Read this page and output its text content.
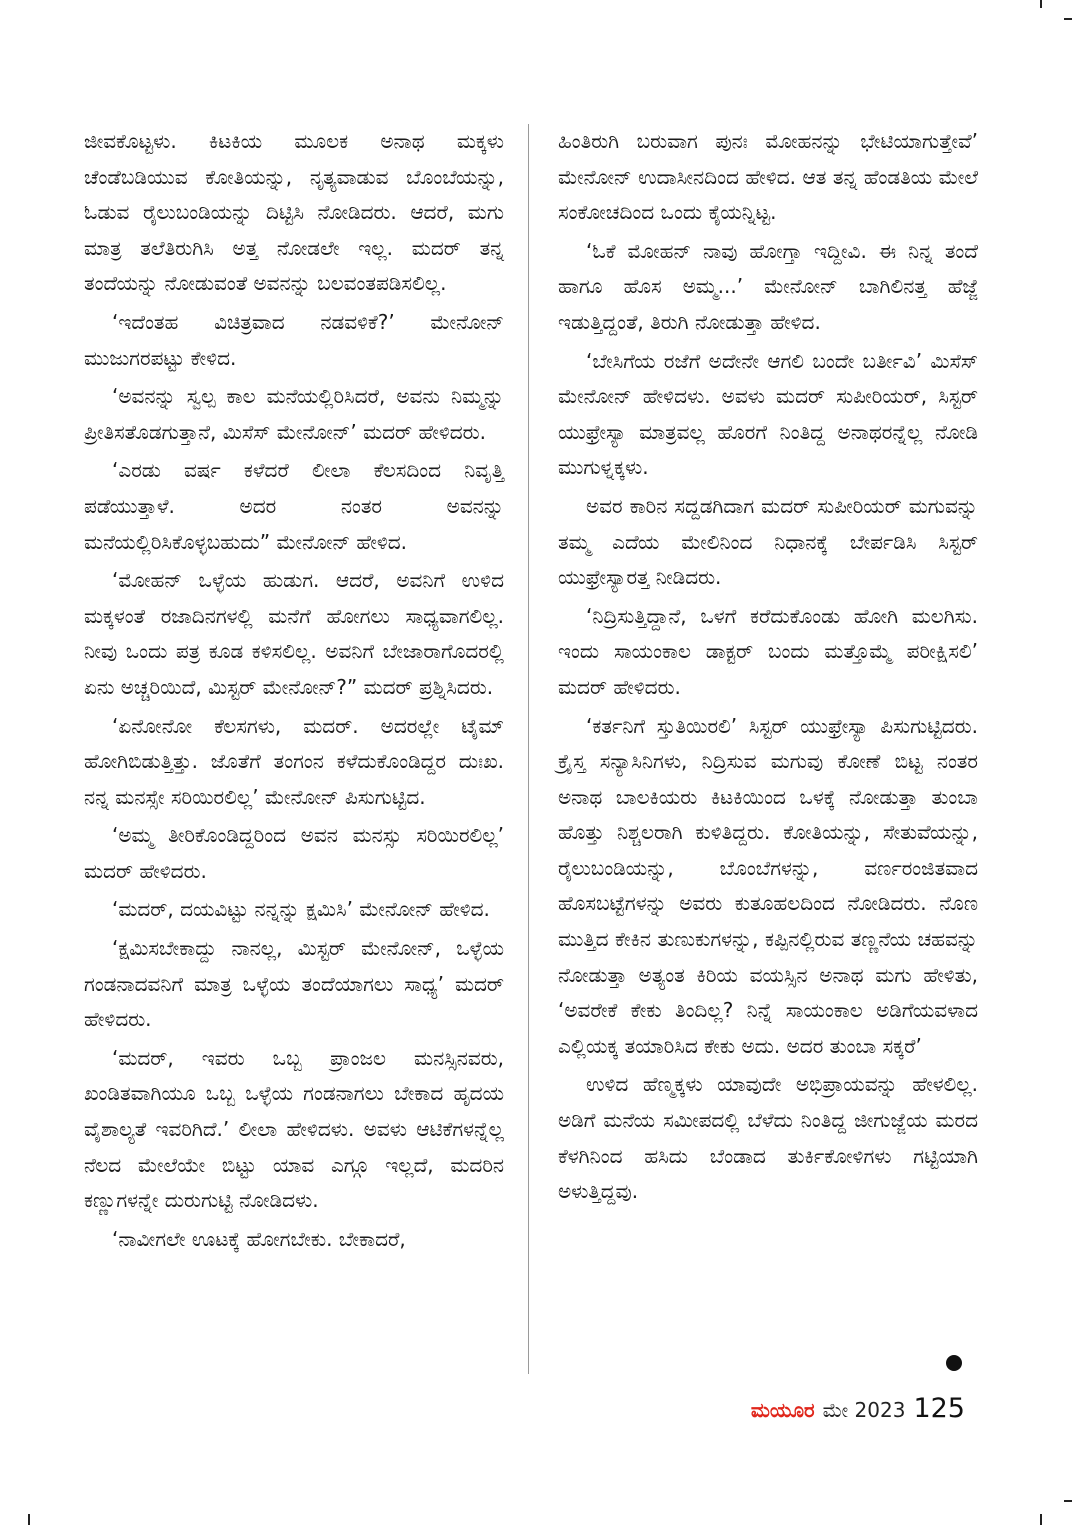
ಜೀವಕೊಟ್ಟಳು. ಕಿಟಕಿಯ ಮೂಲಕ ಅನಾಥ ಮಕ್ಕಳು ಚೆಂಡೆಬಡಿಯುವ ಕೋತಿಯನ್ನು, ನೃತ್ಯವಾಡುವ ಬೊಂಬೆಯನ್ನು, ಓಡುವ ರೈಲುಬಂಡಿಯನ್ನು ದಿಟ್ಟಿಸಿ ನೋಡಿದರು. ಆದರೆ, ಮಗು ಮಾತ್ರ ತಲೆತಿರುಗಿಸಿ ಅತ್ತ ನೋಡಲೇ ಇಲ್ಲ. ಮದರ್ ತನ್ನ ತಂದೆಯನ್ನು ನೋಡುವಂತೆ ಅವನನ್ನು ಬಲವಂತಪಡಿಸಲಿಲ್ಲ.

‘ಇದೆಂತಹ ವಿಚಿತ್ರವಾದ ನಡವಳಿಕೆ?’ ಮೇನೋನ್ ಮುಜುಗರಪಟ್ಟು ಕೇಳಿದ.

‘ಅವನನ್ನು ಸ್ವಲ್ಪ ಕಾಲ ಮನೆಯಲ್ಲಿರಿಸಿದರೆ, ಅವನು ನಿಮ್ಮನ್ನು ಪ್ರೀತಿಸತೊಡಗುತ್ತಾನೆ, ಮಿಸೆಸ್ ಮೇನೋನ್’ ಮದರ್ ಹೇಳಿದರು.

‘ಎರಡು ವರ್ಷ ಕಳೆದರೆ ಲೀಲಾ ಕೆಲಸದಿಂದ ನಿವೃತ್ತಿ ಪಡೆಯುತ್ತಾಳೆ. ಅದರ ನಂತರ ಅವನನ್ನು ಮನೆಯಲ್ಲಿರಿಸಿಕೊಳ್ಳಬಹುದು” ಮೇನೋನ್ ಹೇಳಿದ.

‘ಮೋಹನ್ ಒಳ್ಳೆಯ ಹುಡುಗ. ಆದರೆ, ಅವನಿಗೆ ಉಳಿದ ಮಕ್ಕಳಂತೆ ರಜಾದಿನಗಳಲ್ಲಿ ಮನೆಗೆ ಹೋಗಲು ಸಾಧ್ಯವಾಗಲಿಲ್ಲ. ನೀವು ಒಂದು ಪತ್ರ ಕೂಡ ಕಳಿಸಲಿಲ್ಲ. ಅವನಿಗೆ ಬೇಜಾರಾಗೊದರಲ್ಲಿ ಏನು ಅಚ್ಚರಿಯಿದೆ, ಮಿಸ್ಟರ್ ಮೇನೋನ್?” ಮದರ್ ಪ್ರಶ್ನಿಸಿದರು.

‘ಏನೋನೋ ಕೆಲಸಗಳು, ಮದರ್. ಅದರಲ್ಲೇ ಟೈಮ್ ಹೋಗಿಬಿಡುತ್ತಿತ್ತು. ಜೊತೆಗೆ ತಂಗಂನ ಕಳೆದುಕೊಂಡಿದ್ದರ ದುಃಖ. ನನ್ನ ಮನಸ್ಸೇ ಸರಿಯಿರಲಿಲ್ಲ’ ಮೇನೋನ್ ಪಿಸುಗುಟ್ಟಿದ.

‘ಅಮ್ಮ ತೀರಿಕೊಂಡಿದ್ದರಿಂದ ಅವನ ಮನಸ್ಸು ಸರಿಯಿರಲಿಲ್ಲ’ ಮದರ್ ಹೇಳಿದರು.

‘ಮದರ್, ದಯವಿಟ್ಟು ನನ್ನನ್ನು ಕ್ಷಮಿಸಿ’ ಮೇನೋನ್ ಹೇಳಿದ.

‘ಕ್ಷಮಿಸಬೇಕಾದ್ದು ನಾನಲ್ಲ, ಮಿಸ್ಟರ್ ಮೇನೋನ್, ಒಳ್ಳೆಯ ಗಂಡನಾದವನಿಗೆ ಮಾತ್ರ ಒಳ್ಳೆಯ ತಂದೆಯಾಗಲು ಸಾಧ್ಯ’ ಮದರ್ ಹೇಳಿದರು.

‘ಮದರ್, ಇವರು ಒಬ್ಬ ಪ್ರಾಂಜಲ ಮನಸ್ಸಿನವರು, ಖಂಡಿತವಾಗಿಯೂ ಒಬ್ಬ ಒಳ್ಳೆಯ ಗಂಡನಾಗಲು ಬೇಕಾದ ಹೃದಯ ವೈಶಾಲ್ಯತೆ ಇವರಿಗಿದೆ.’ ಲೀಲಾ ಹೇಳಿದಳು. ಅವಳು ಆಟಿಕೆಗಳನ್ನೆಲ್ಲ ನೆಲದ ಮೇಲೆಯೇ ಬಿಟ್ಟು ಯಾವ ಎಗ್ಗೂ ಇಲ್ಲದೆ, ಮದರಿನ ಕಣ್ಣುಗಳನ್ನೇ ದುರುಗುಟ್ಟಿ ನೋಡಿದಳು.

‘ನಾವೀಗಲೇ ಊಟಕ್ಕೆ ಹೋಗಬೇಕು. ಬೇಕಾದರೆ,

ಹಿಂತಿರುಗಿ ಬರುವಾಗ ಪುನಃ ಮೋಹನನ್ನು ಭೇಟಿಯಾಗುತ್ತೇವೆ’ ಮೇನೋನ್ ಉದಾಸೀನದಿಂದ ಹೇಳಿದ. ಆತ ತನ್ನ ಹೆಂಡತಿಯ ಮೇಲೆ ಸಂಕೋಚದಿಂದ ಒಂದು ಕೈಯನ್ನಿಟ್ಟ.

‘ಓಕೆ ಮೋಹನ್ ನಾವು ಹೋಗ್ತಾ ಇದ್ದೀವಿ. ಈ ನಿನ್ನ ತಂದೆ ಹಾಗೂ ಹೊಸ ಅಮ್ಮ...’ ಮೇನೋನ್ ಬಾಗಿಲಿನತ್ತ ಹೆಜ್ಜೆ ಇಡುತ್ತಿದ್ದಂತೆ, ತಿರುಗಿ ನೋಡುತ್ತಾ ಹೇಳಿದ.

‘ಬೇಸಿಗೆಯ ರಜೆಗೆ ಅದೇನೇ ಆಗಲಿ ಬಂದೇ ಬರ್ತೀವಿ’ ಮಿಸೆಸ್ ಮೇನೋನ್ ಹೇಳಿದಳು. ಅವಳು ಮದರ್ ಸುಪೀರಿಯರ್, ಸಿಸ್ಟರ್ ಯುಫ್ರೇಸ್ಯಾ ಮಾತ್ರವಲ್ಲ ಹೊರಗೆ ನಿಂತಿದ್ದ ಅನಾಥರನ್ನೆಲ್ಲ ನೋಡಿ ಮುಗುಳ್ನಕ್ಕಳು.

ಅವರ ಕಾರಿನ ಸದ್ದಡಗಿದಾಗ ಮದರ್ ಸುಪೀರಿಯರ್ ಮಗುವನ್ನು ತಮ್ಮ ಎದೆಯ ಮೇಲಿನಿಂದ ನಿಧಾನಕ್ಕೆ ಬೇರ್ಪಡಿಸಿ ಸಿಸ್ಟರ್ ಯುಫ್ರೇಸ್ಯಾರತ್ತ ನೀಡಿದರು.

‘ನಿದ್ರಿಸುತ್ತಿದ್ದಾನೆ, ಒಳಗೆ ಕರೆದುಕೊಂಡು ಹೋಗಿ ಮಲಗಿಸು. ಇಂದು ಸಾಯಂಕಾಲ ಡಾಕ್ಟರ್ ಬಂದು ಮತ್ತೊಮ್ಮೆ ಪರೀಕ್ಷಿಸಲಿ’ ಮದರ್ ಹೇಳಿದರು.

‘ಕರ್ತನಿಗೆ ಸ್ತುತಿಯಿರಲಿ’ ಸಿಸ್ಟರ್ ಯುಫ್ರೇಸ್ಯಾ ಪಿಸುಗುಟ್ಟಿದರು. ಕ್ರೈಸ್ತ ಸನ್ಯಾಸಿನಿಗಳು, ನಿದ್ರಿಸುವ ಮಗುವು ಕೋಣೆ ಬಿಟ್ಟ ನಂತರ ಅನಾಥ ಬಾಲಕಿಯರು ಕಿಟಕಿಯಿಂದ ಒಳಕ್ಕೆ ನೋಡುತ್ತಾ ತುಂಬಾ ಹೊತ್ತು ನಿಶ್ಚಲರಾಗಿ ಕುಳಿತಿದ್ದರು. ಕೋತಿಯನ್ನು, ಸೇತುವೆಯನ್ನು, ರೈಲುಬಂಡಿಯನ್ನು, ಬೊಂಬೆಗಳನ್ನು, ವರ್ಣರಂಜಿತವಾದ ಹೊಸಬಟ್ಟೆಗಳನ್ನು ಅವರು ಕುತೂಹಲದಿಂದ ನೋಡಿದರು. ನೊಣ ಮುತ್ತಿದ ಕೇಕಿನ ತುಣುಕುಗಳನ್ನು, ಕಪ್ಪಿನಲ್ಲಿರುವ ತಣ್ಣನೆಯ ಚಹವನ್ನು ನೋಡುತ್ತಾ ಅತ್ಯಂತ ಕಿರಿಯ ವಯಸ್ಸಿನ ಅನಾಥ ಮಗು ಹೇಳಿತು, ‘ಅವರೇಕೆ ಕೇಕು ತಿಂದಿಲ್ಲ? ನಿನ್ನೆ ಸಾಯಂಕಾಲ ಅಡಿಗೆಯವಳಾದ ಎಲ್ಲಿಯಕ್ಕ ತಯಾರಿಸಿದ ಕೇಕು ಅದು. ಅದರ ತುಂಬಾ ಸಕ್ಕರೆ’

ಉಳಿದ ಹೆಣ್ಮಕ್ಕಳು ಯಾವುದೇ ಅಭಿಪ್ರಾಯವನ್ನು ಹೇಳಲಿಲ್ಲ. ಅಡಿಗೆ ಮನೆಯ ಸಮೀಪದಲ್ಲಿ ಬೆಳೆದು ನಿಂತಿದ್ದ ಜೀಗುಜ್ಜೆಯ ಮರದ ಕೆಳಗಿನಿಂದ ಹಸಿದು ಬೆಂಡಾದ ತುರ್ಕಿಕೋಳಿಗಳು ಗಟ್ಟಿಯಾಗಿ ಅಳುತ್ತಿದ್ದವು.

ಮಯೂರ ಮೇ 2023 125
